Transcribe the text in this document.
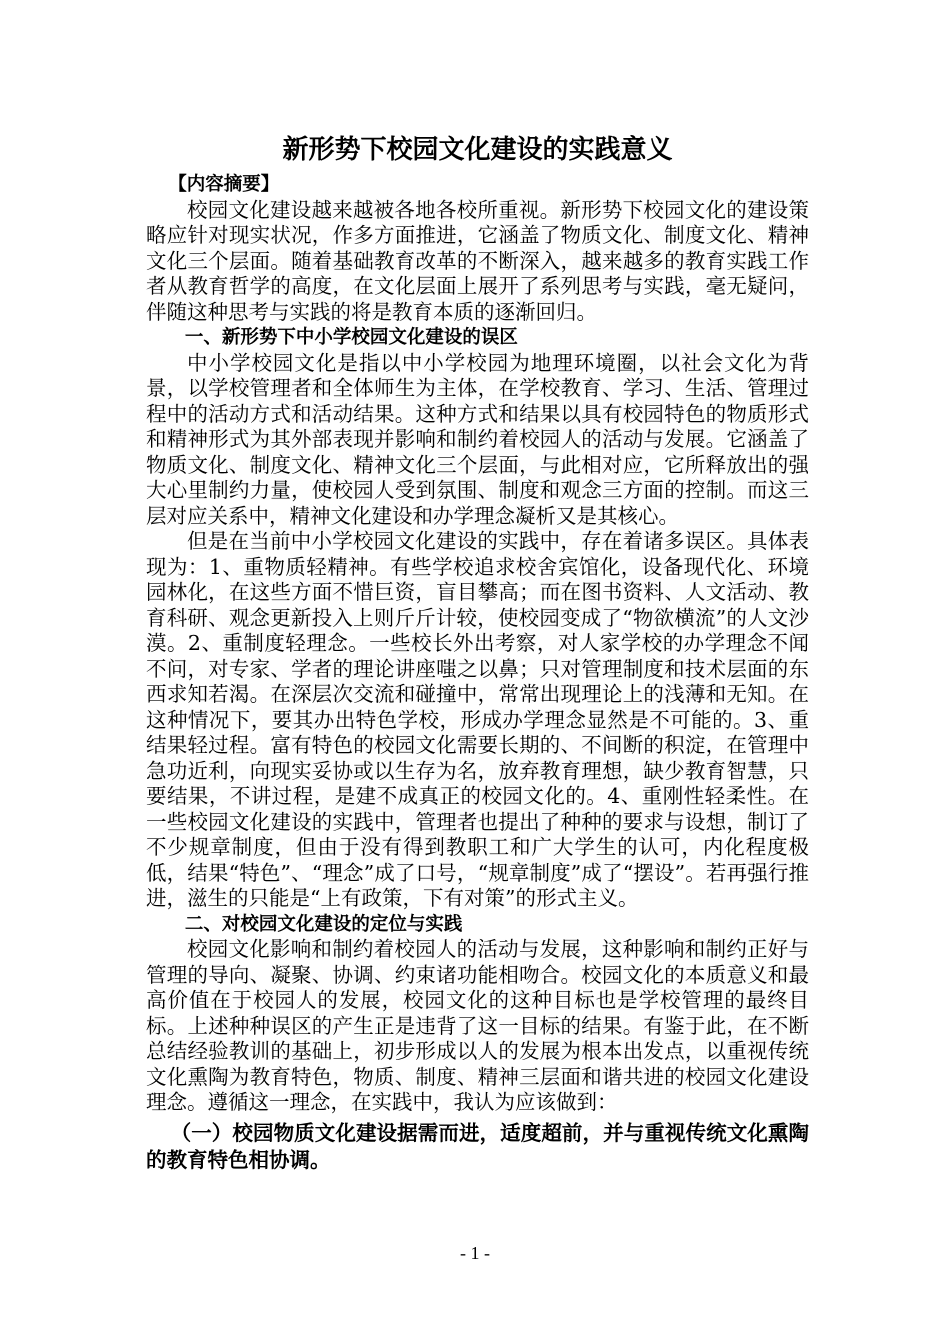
新形势下校园文化建设的实践意义
【内容摘要】

校园文化建设越来越被各地各校所重视。新形势下校园文化的建设策略应针对现实状况，作多方面推进，它涵盖了物质文化、制度文化、精神文化三个层面。随着基础教育改革的不断深入，越来越多的教育实践工作者从教育哲学的高度，在文化层面上展开了系列思考与实践，毫无疑问，伴随这种思考与实践的将是教育本质的逐渐回归。

一、新形势下中小学校园文化建设的误区

中小学校园文化是指以中小学校园为地理环境圈，以社会文化为背景，以学校管理者和全体师生为主体，在学校教育、学习、生活、管理过程中的活动方式和活动结果。这种方式和结果以具有校园特色的物质形式和精神形式为其外部表现并影响和制约着校园人的活动与发展。它涵盖了物质文化、制度文化、精神文化三个层面，与此相对应，它所释放出的强大心里制约力量，使校园人受到氛围、制度和观念三方面的控制。而这三层对应关系中，精神文化建设和办学理念凝析又是其核心。

但是在当前中小学校园文化建设的实践中，存在着诸多误区。具体表现为：1、重物质轻精神。有些学校追求校舍宾馆化，设备现代化、环境园林化，在这些方面不惜巨资，盲目攀高；而在图书资料、人文活动、教育科研、观念更新投入上则斤斤计较，使校园变成了“物欲横流”的人文沙漠。2、重制度轻理念。一些校长外出考察，对人家学校的办学理念不闻不问，对专家、学者的理论讲座嗤之以鼻；只对管理制度和技术层面的东西求知若渴。在深层次交流和碰撞中，常常出现理论上的浅薄和无知。在这种情况下，要其办出特色学校，形成办学理念显然是不可能的。3、重结果轻过程。富有特色的校园文化需要长期的、不间断的积淀，在管理中急功近利，向现实妥协或以生存为名，放弃教育理想，缺少教育智慧，只要结果，不讲过程，是建不成真正的校园文化的。4、重刚性轻柔性。在一些校园文化建设的实践中，管理者也提出了种种的要求与设想，制订了不少规章制度，但由于没有得到教职工和广大学生的认可，内化程度极低，结果“特色”、“理念”成了口号，“规章制度”成了“摆设”。若再强行推进，滋生的只能是“上有政策，下有对策”的形式主义。

二、对校园文化建设的定位与实践

校园文化影响和制约着校园人的活动与发展，这种影响和制约正好与管理的导向、凝聚、协调、约束诸功能相吻合。校园文化的本质意义和最高价值在于校园人的发展，校园文化的这种目标也是学校管理的最终目标。上述种种误区的产生正是违背了这一目标的结果。有鉴于此，在不断总结经验教训的基础上，初步形成以人的发展为根本出发点，以重视传统文化熏陶为教育特色，物质、制度、精神三层面和谐共进的校园文化建设理念。遵循这一理念，在实践中，我认为应该做到：

（一）校园物质文化建设据需而进，适度超前，并与重视传统文化熏陶的教育特色相协调。

- 1 -
